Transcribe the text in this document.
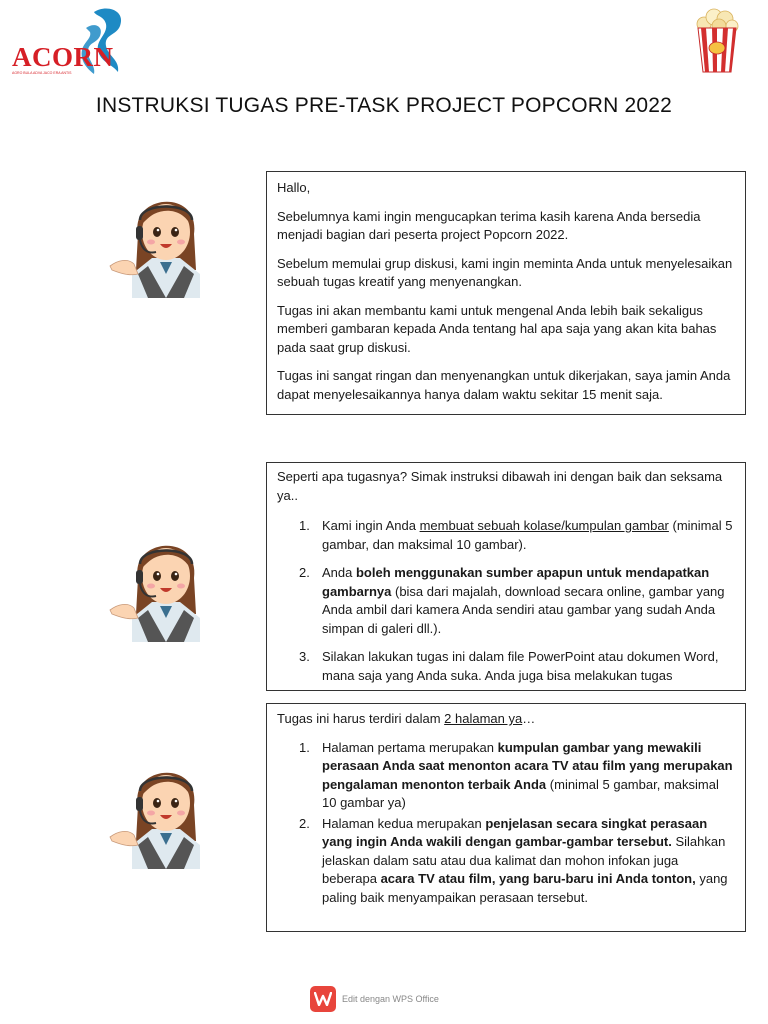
ACORN
AGRO BULA ADVA JACO ERA ANTIS
INSTRUKSI TUGAS PRE-TASK PROJECT POPCORN 2022

Hallo,

Sebelumnya kami ingin mengucapkan terima kasih karena Anda bersedia menjadi bagian dari peserta project Popcorn 2022.

Sebelum memulai grup diskusi, kami ingin meminta Anda untuk menyelesaikan sebuah tugas kreatif yang menyenangkan.

Tugas ini akan membantu kami untuk mengenal Anda lebih baik sekaligus memberi gambaran kepada Anda tentang hal apa saja yang akan kita bahas pada saat grup diskusi.

Tugas ini sangat ringan dan menyenangkan untuk dikerjakan, saya jamin Anda dapat menyelesaikannya hanya dalam waktu sekitar 15 menit saja.

Seperti apa tugasnya? Simak instruksi dibawah ini dengan baik dan seksama ya..

1. Kami ingin Anda membuat sebuah kolase/kumpulan gambar (minimal 5 gambar, dan maksimal 10 gambar).
2. Anda boleh menggunakan sumber apapun untuk mendapatkan gambarnya (bisa dari majalah, download secara online, gambar yang Anda ambil dari kamera Anda sendiri atau gambar yang sudah Anda simpan di galeri dll.).
3. Silakan lakukan tugas ini dalam file PowerPoint atau dokumen Word, mana saja yang Anda suka. Anda juga bisa melakukan tugas

Tugas ini harus terdiri dalam 2 halaman ya…

1. Halaman pertama merupakan kumpulan gambar yang mewakili perasaan Anda saat menonton acara TV atau film yang merupakan pengalaman menonton terbaik Anda (minimal 5 gambar, maksimal 10 gambar ya)
2. Halaman kedua merupakan penjelasan secara singkat perasaan yang ingin Anda wakili dengan gambar-gambar tersebut. Silahkan jelaskan dalam satu atau dua kalimat dan mohon infokan juga beberapa acara TV atau film, yang baru-baru ini Anda tonton, yang paling baik menyampaikan perasaan tersebut.
Edit dengan WPS Office
